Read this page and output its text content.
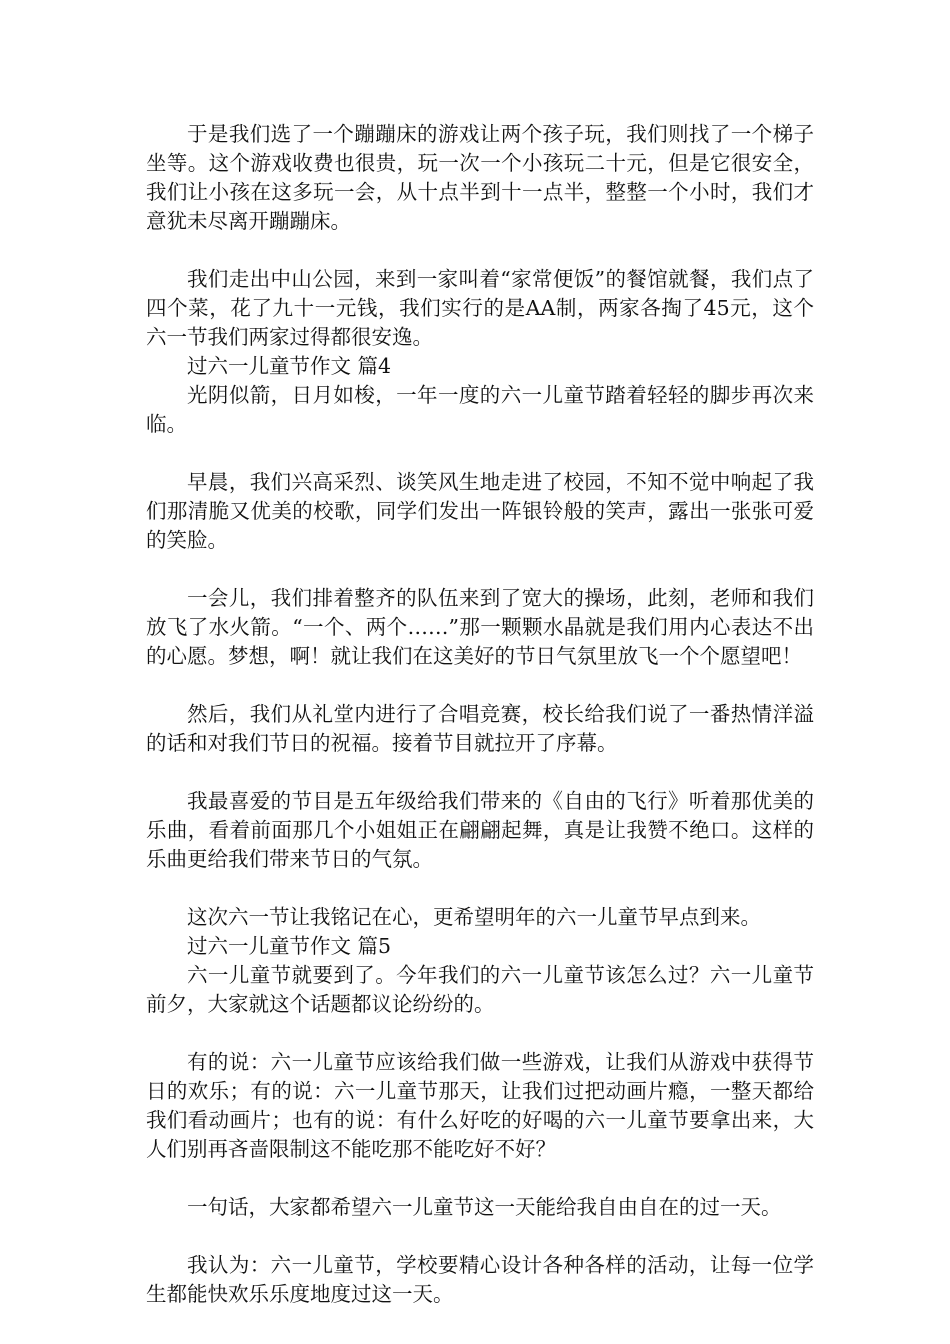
于是我们选了一个蹦蹦床的游戏让两个孩子玩，我们则找了一个梯子坐等。这个游戏收费也很贵，玩一次一个小孩玩二十元，但是它很安全，我们让小孩在这多玩一会，从十点半到十一点半，整整一个小时，我们才意犹未尽离开蹦蹦床。

我们走出中山公园，来到一家叫着“家常便饭”的餐馆就餐，我们点了四个菜，花了九十一元钱，我们实行的是AA制，两家各掏了45元，这个六一节我们两家过得都很安逸。

过六一儿童节作文 篇4

光阴似箭，日月如梭，一年一度的六一儿童节踏着轻轻的脚步再次来临。

早晨，我们兴高采烈、谈笑风生地走进了校园，不知不觉中响起了我们那清脆又优美的校歌，同学们发出一阵银铃般的笑声，露出一张张可爱的笑脸。

一会儿，我们排着整齐的队伍来到了宽大的操场，此刻，老师和我们放飞了水火箭。“一个、两个……”那一颗颗水晶就是我们用内心表达不出的心愿。梦想，啊！就让我们在这美好的节日气氛里放飞一个个愿望吧！

然后，我们从礼堂内进行了合唱竞赛，校长给我们说了一番热情洋溢的话和对我们节日的祝福。接着节目就拉开了序幕。

我最喜爱的节目是五年级给我们带来的《自由的飞行》听着那优美的乐曲，看着前面那几个小姐姐正在翩翩起舞，真是让我赞不绝口。这样的乐曲更给我们带来节日的气氛。

这次六一节让我铭记在心，更希望明年的六一儿童节早点到来。

过六一儿童节作文 篇5

六一儿童节就要到了。今年我们的六一儿童节该怎么过？六一儿童节前夕，大家就这个话题都议论纷纷的。

有的说：六一儿童节应该给我们做一些游戏，让我们从游戏中获得节日的欢乐；有的说：六一儿童节那天，让我们过把动画片瘾，一整天都给我们看动画片；也有的说：有什么好吃的好喝的六一儿童节要拿出来，大人们别再吝啬限制这不能吃那不能吃好不好？

一句话，大家都希望六一儿童节这一天能给我自由自在的过一天。

我认为：六一儿童节，学校要精心设计各种各样的活动，让每一位学生都能快欢乐乐度地度过这一天。
